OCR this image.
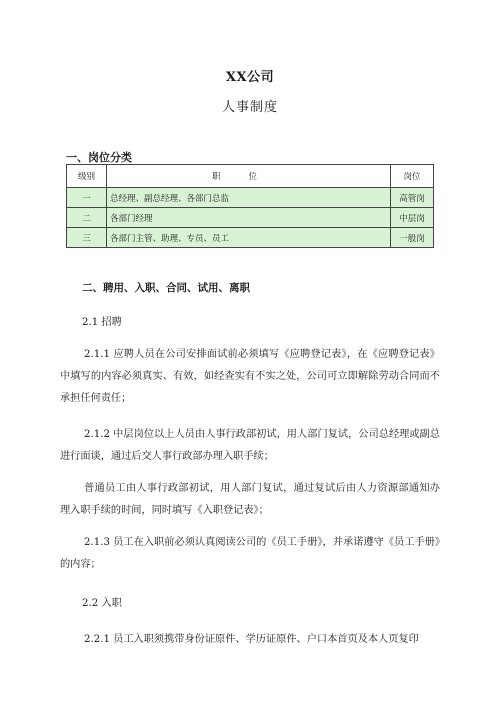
XX公司
人事制度
一、岗位分类
级别	职位	岗位
一	总经理、副总经理、各部门总监	高管岗
二	各部门经理	中层岗
三	各部门主管、助理、专员、员工	一般岗
二、聘用、入职、合同、试用、离职
2.1 招聘
2.1.1 应聘人员在公司安排面试前必须填写《应聘登记表》，在《应聘登记表》中填写的内容必须真实、有效，如经查实有不实之处，公司可立即解除劳动合同而不承担任何责任；
2.1.2 中层岗位以上人员由人事行政部初试，用人部门复试，公司总经理或副总进行面谈，通过后交人事行政部办理入职手续；
普通员工由人事行政部初试，用人部门复试，通过复试后由人力资源部通知办理入职手续的时间，同时填写《入职登记表》；
2.1.3 员工在入职前必须认真阅读公司的《员工手册》，并承诺遵守《员工手册》的内容；
2.2 入职
2.2.1 员工入职须携带身份证原件、学历证原件、户口本首页及本人页复印
